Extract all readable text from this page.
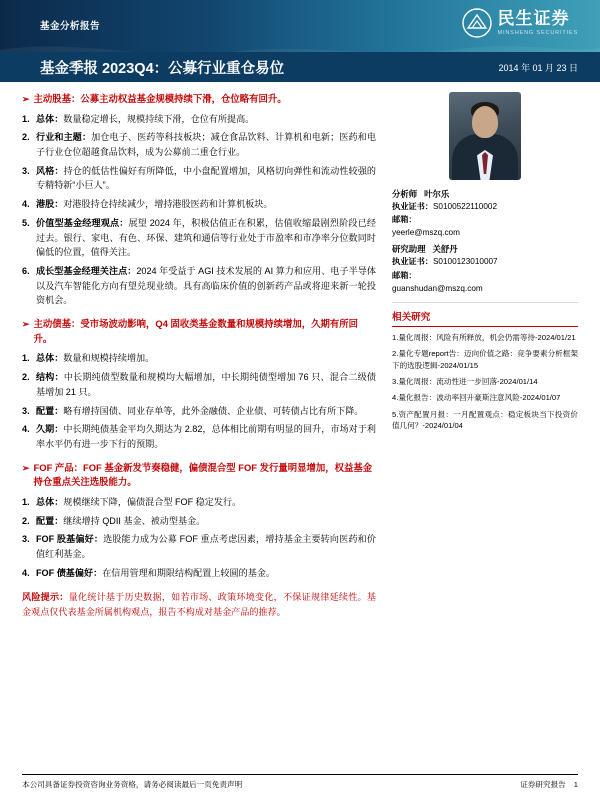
基金分析报告	民生证券
MINSHENG SECURITIES
基金季报 2023Q4：公募行业重仓易位	2014 年 01 月 23 日
➢ 主动股基：公募主动权益基金规模持续下滑，仓位略有回升。
总体：数量稳定增长，规模持续下滑，仓位有所提高。
行业和主题：加仓电子、医药等科技板块；减仓食品饮料、计算机和电新；医药和电子行业仓位超越食品饮料，成为公募前二重仓行业。
风格：持仓的低估性偏好有所降低，中小盘配置增加，风格切向弹性和流动性较强的专精特新“小巨人”。
港股：对港股持仓持续减少，增持港股医药和计算机板块。
价值型基金经理观点：展望 2024 年，积极估值正在积累，估值收缩最剧烈阶段已经过去。银行、家电、有色、环保、建筑和通信等行业处于市盈率和市净率分位数同时偏低的位置，值得关注。
成长型基金经理关注点：2024 年受益于 AGI 技术发展的 AI 算力和应用、电子半导体以及汽车智能化方向有望兑现业绩。具有高临床价值的创新药产品或将迎来新一轮投资机会。
➢ 主动债基：受市场波动影响，Q4 固收类基金数量和规模持续增加，久期有所回升。
总体：数量和规模持续增加。
结构：中长期纯债型数量和规模均大幅增加，中长期纯债型增加 76 只、混合二级债基增加 21 只。
配置：略有增持国债、同业存单等，此外金融债、企业债、可转债占比有所下降。
久期：中长期纯债基金平均久期达为 2.82，总体相比前期有明显的回升，市场对于利率水平仍有进一步下行的预期。
➢ FOF 产品：FOF 基金新发节奏稳健，偏债混合型 FOF 发行量明显增加，权益基金持仓重点关注选股能力。
总体：规模继续下降，偏债混合型 FOF 稳定发行。
配置：继续增持 QDII 基金、被动型基金。
FOF 股基偏好：选股能力成为公募 FOF 重点考虑因素，增持基金主要转向医药和价值红利基金。
FOF 债基偏好：在信用管理和期限结构配置上较圆的基金。
风险提示：量化统计基于历史数据，如若市场、政策环境变化，不保证规律延续性。基金观点仅代表基金所属机构观点，报告不构成对基金产品的推荐。
分析师 叶尔乐
执业证书：S0100522110002
邮箱：
yeerle@mszq.com
研究助理 关舒丹
执业证书：S0100123010007
邮箱：
guanshudan@mszq.com
相关研究
1.量化周报：风险有所释放，机会仍需等待-2024/01/21
2.量化专题report告：迈向价值之路：竞争要素分析框架下的选股逻辑-2024/01/15
3.量化周报：流动性进一步回落-2024/01/14
4.量化报告：波动率回升豪斯注意风险-2024/01/07
5.资产配置月报：一月配置观点：稳定板块当下投资价值几何？-2024/01/04
本公司具备证券投资咨询业务资格，请务必阅读最后一页免责声明	证券研究报告 1
